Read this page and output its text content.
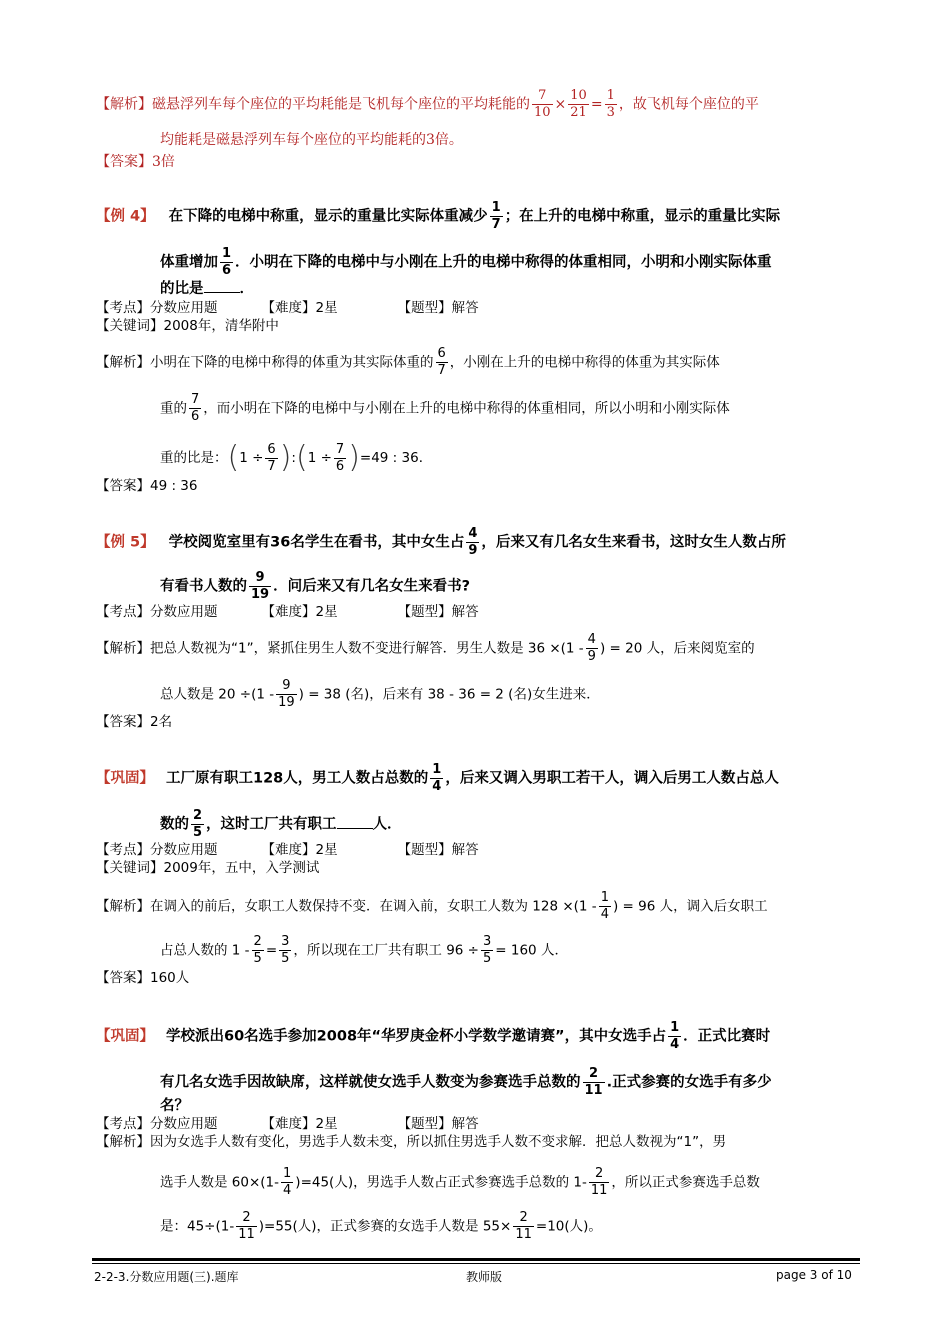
【解析】磁悬浮列车每个座位的平均耗能是飞机每个座位的平均耗能的 $\frac{7}{10} \times \frac{10}{21} = \frac{1}{3}$ ，故飞机每个座位的平
均能耗是磁悬浮列车每个座位的平均能耗的3倍。
【答案】3倍
【例 4】 在下降的电梯中称重，显示的重量比实际体重减少 $\frac{1}{7}$ ；在上升的电梯中称重，显示的重量比实际
体重增加 $\frac{1}{6}$ ．小明在下降的电梯中与小刚在上升的电梯中称得的体重相同，小明和小刚实际体重
的比是 ．
【考点】分数应用题	【难度】2星	【题型】解答
【关键词】2008年，清华附中
【解析】小明在下降的电梯中称得的体重为其实际体重的 $\frac{6}{7}$ ，小刚在上升的电梯中称得的体重为其实际体
重的 $\frac{7}{6}$ ，而小明在下降的电梯中与小刚在上升的电梯中称得的体重相同，所以小明和小刚实际体
重的比是：($1 \div \frac{6}{7}$ ):(1 ÷ $\frac{7}{6} )=49$ : 36．
【答案】49 : 36
【例 5】 学校阅览室里有36名学生在看书，其中女生占 $\frac{4}{9}$ ，后来又有几名女生来看书，这时女生人数占所
有看书人数的 $\frac{9}{19}$ ．问后来又有几名女生来看书?
【考点】分数应用题	【难度】2星	【题型】解答
【解析】把总人数视为“1”，紧抓住男生人数不变进行解答．男生人数是 $36 \times(1 - \frac{4}{9}$ ) = 20 人，后来阅览室的
总人数是 $20 \div(1 - \frac{9}{19}$ ) = 38 (名)，后来有 38 - 36 = 2 (名)女生进来．
【答案】2名
【巩固】 工厂原有职工128人，男工人数占总数的 $\frac{1}{4}$ ，后来又调入男职工若干人，调入后男工人数占总人
数的 $\frac{2}{5}$ ，这时工厂共有职工 人．
【考点】分数应用题	【难度】2星	【题型】解答
【关键词】2009年，五中，入学测试
【解析】在调入的前后，女职工人数保持不变．在调入前，女职工人数为 $128 \times(1 - \frac{1}{4}$ ) = 96 人，调入后女职工
占总人数的 $1 - \frac{2}{5} = \frac{3}{5}$ ，所以现在工厂共有职工 $96 \div \frac{3}{5} = 160$ 人．
【答案】160人
【巩固】 学校派出60名选手参加2008年“华罗庚金杯小学数学邀请赛”，其中女选手占 $\frac{1}{4}$ ．正式比赛时
有几名女选手因故缺席，这样就使女选手人数变为参赛选手总数的 $\frac{2}{11}$ .正式参赛的女选手有多少
名？
【考点】分数应用题	【难度】2星	【题型】解答
【解析】因为女选手人数有变化，男选手人数未变，所以抓住男选手人数不变求解．把总人数视为“1”，男
选手人数是 $60\times(1- \frac{1}{4} )=45$(人)，男选手人数占正式参赛选手总数的 $1- \frac{2}{11}$ ，所以正式参赛选手总数
是：$45\div(1- \frac{2}{11} )=55$(人)，正式参赛的女选手人数是 $55\times \frac{2}{11} =10$(人)。
2-2-3.分数应用题(三).题库	教师版	page 3 of 10
